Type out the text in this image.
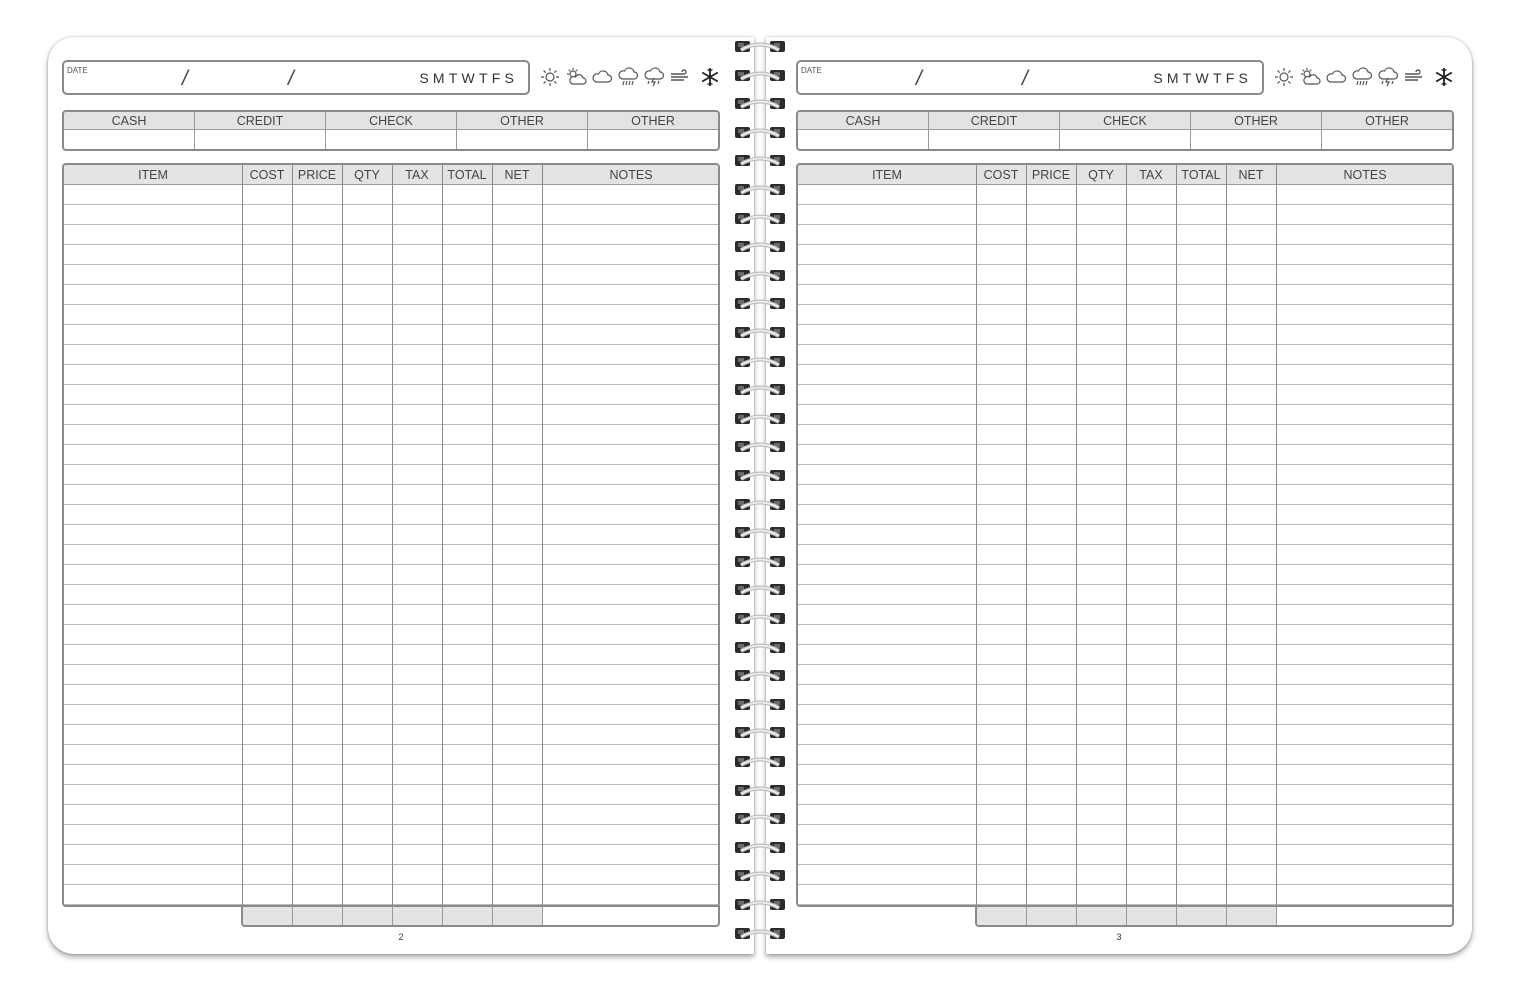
DATE	/	/	SMTWTFS
CASH	CREDIT	CHECK	OTHER	OTHER
ITEM	COST	PRICE	QTY	TAX	TOTAL	NET	NOTES
2
DATE	/	/	SMTWTFS
CASH	CREDIT	CHECK	OTHER	OTHER
ITEM	COST	PRICE	QTY	TAX	TOTAL	NET	NOTES
3
